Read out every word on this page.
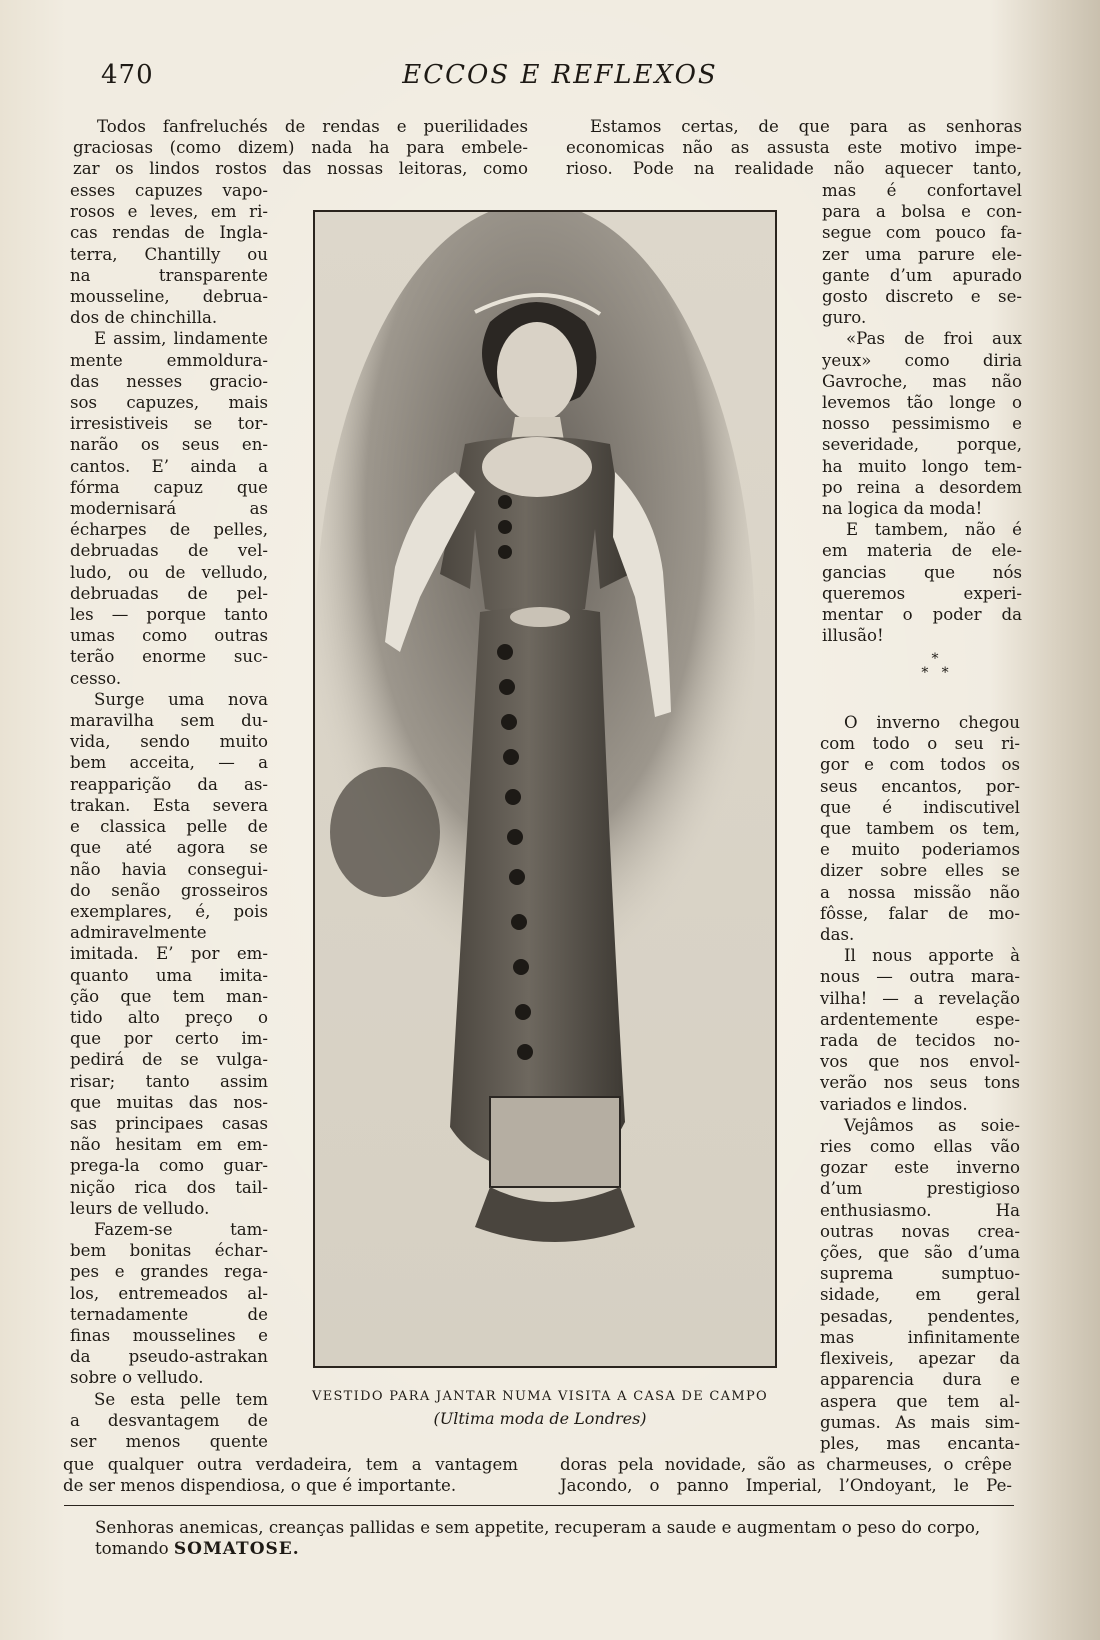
470	ECCOS E REFLEXOS
Todos fanfreluchés de rendas e puerilidades
graciosas (como dizem) nada ha para embele-
zar os lindos rostos das nossas leitoras, como
esses capuzes vapo-
rosos e leves, em ri-
cas rendas de Ingla-
terra, Chantilly ou
na transparente
mousseline, debrua-
dos de chinchilla.
E assim, lindamente
mente emmoldura-
das nesses gracio-
sos capuzes, mais
irresistiveis se tor-
narão os seus en-
cantos. E’ ainda a
fórma capuz que
modernisará as
écharpes de pelles,
debruadas de vel-
ludo, ou de velludo,
debruadas de pel-
les — porque tanto
umas como outras
terão enorme suc-
cesso.
Surge uma nova
maravilha sem du-
vida, sendo muito
bem acceita, — a
reapparição da as-
trakan. Esta severa
e classica pelle de
que até agora se
não havia consegui-
do senão grosseiros
exemplares, é, pois
admiravelmente
imitada. E’ por em-
quanto uma imita-
ção que tem man-
tido alto preço o
que por certo im-
pedirá de se vulga-
risar; tanto assim
que muitas das nos-
sas principaes casas
não hesitam em em-
prega-la como guar-
nição rica dos tail-
leurs de velludo.
Fazem-se tam-
bem bonitas échar-
pes e grandes rega-
los, entremeados al-
ternadamente de
finas mousselines e
da pseudo-astrakan
sobre o velludo.
Se esta pelle tem
a desvantagem de
ser menos quente
que qualquer outra verdadeira, tem a vantagem
de ser menos dispendiosa, o que é importante.
Estamos certas, de que para as senhoras
economicas não as assusta este motivo impe-
rioso. Pode na realidade não aquecer tanto,
mas é confortavel
para a bolsa e con-
segue com pouco fa-
zer uma parure ele-
gante d’um apurado
gosto discreto e se-
guro.
«Pas de froi aux
yeux» como diria
Gavroche, mas não
levemos tão longe o
nosso pessimismo e
severidade, porque,
ha muito longo tem-
po reina a desordem
na logica da moda!
E tambem, não é
em materia de ele-
gancias que nós
queremos experi-
mentar o poder da
illusão!
*
*   *
O inverno chegou
com todo o seu ri-
gor e com todos os
seus encantos, por-
que é indiscutivel
que tambem os tem,
e muito poderiamos
dizer sobre elles se
a nossa missão não
fôsse, falar de mo-
das.
Il nous apporte à
nous — outra mara-
vilha! — a revelação
ardentemente espe-
rada de tecidos no-
vos que nos envol-
verão nos seus tons
variados e lindos.
Vejâmos as soie-
ries como ellas vão
gozar este inverno
d’um prestigioso
enthusiasmo. Ha
outras novas crea-
ções, que são d’uma
suprema sumptuo-
sidade, em geral
pesadas, pendentes,
mas infinitamente
flexiveis, apezar da
apparencia dura e
aspera que tem al-
gumas. As mais sim-
ples, mas encanta-
doras pela novidade, são as charmeuses, o crêpe
Jacondo, o panno Imperial, l’Ondoyant, le Pe-
VESTIDO PARA JANTAR NUMA VISITA A CASA DE CAMPO
(Ultima moda de Londres)
Senhoras anemicas, creanças pallidas e sem appetite, recuperam a saude e augmentam o peso do corpo, tomando SOMATOSE.
